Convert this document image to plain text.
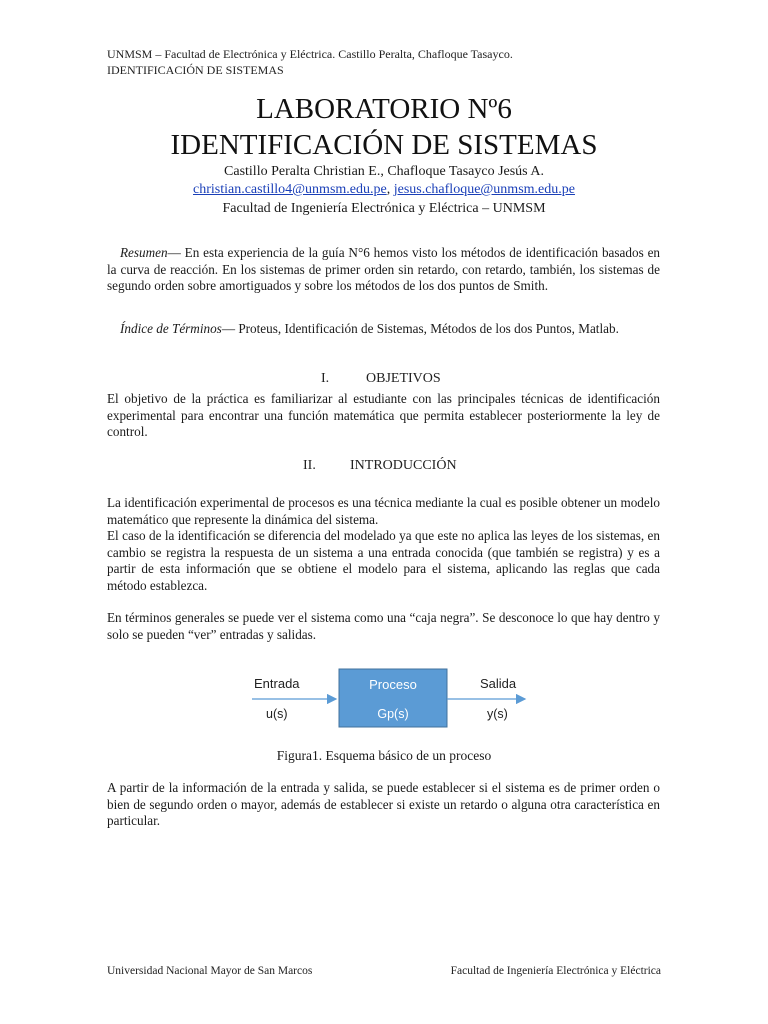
UNMSM – Facultad de Electrónica y Eléctrica. Castillo Peralta, Chafloque Tasayco.
IDENTIFICACIÓN DE SISTEMAS
LABORATORIO Nº6
IDENTIFICACIÓN DE SISTEMAS
Castillo Peralta Christian E., Chafloque Tasayco Jesús A.
christian.castillo4@unmsm.edu.pe, jesus.chafloque@unmsm.edu.pe
Facultad de Ingeniería Electrónica y Eléctrica – UNMSM
Resumen— En esta experiencia de la guía N°6 hemos visto los métodos de identificación basados en la curva de reacción. En los sistemas de primer orden sin retardo, con retardo, también, los sistemas de segundo orden sobre amortiguados y sobre los métodos de los dos puntos de Smith.
Índice de Términos— Proteus, Identificación de Sistemas, Métodos de los dos Puntos, Matlab.
I.	OBJETIVOS
El objetivo de la práctica es familiarizar al estudiante con las principales técnicas de identificación experimental para encontrar una función matemática que permita establecer posteriormente la ley de control.
II. INTRODUCCIÓN
La identificación experimental de procesos es una técnica mediante la cual es posible obtener un modelo matemático que represente la dinámica del sistema.
El caso de la identificación se diferencia del modelado ya que este no aplica las leyes de los sistemas, en cambio se registra la respuesta de un sistema a una entrada conocida (que también se registra) y es a partir de esta información que se obtiene el modelo para el sistema, aplicando las reglas que cada método establezca.
En términos generales se puede ver el sistema como una “caja negra”. Se desconoce lo que hay dentro y solo se pueden “ver” entradas y salidas.
Entrada
u(s)
Proceso
Gp(s)
Salida
y(s)
Figura1. Esquema básico de un proceso
A partir de la información de la entrada y salida, se puede establecer si el sistema es de primer orden o bien de segundo orden o mayor, además de establecer si existe un retardo o alguna otra característica en particular.
Universidad Nacional Mayor de San Marcos	Facultad de Ingeniería Electrónica y Eléctrica
